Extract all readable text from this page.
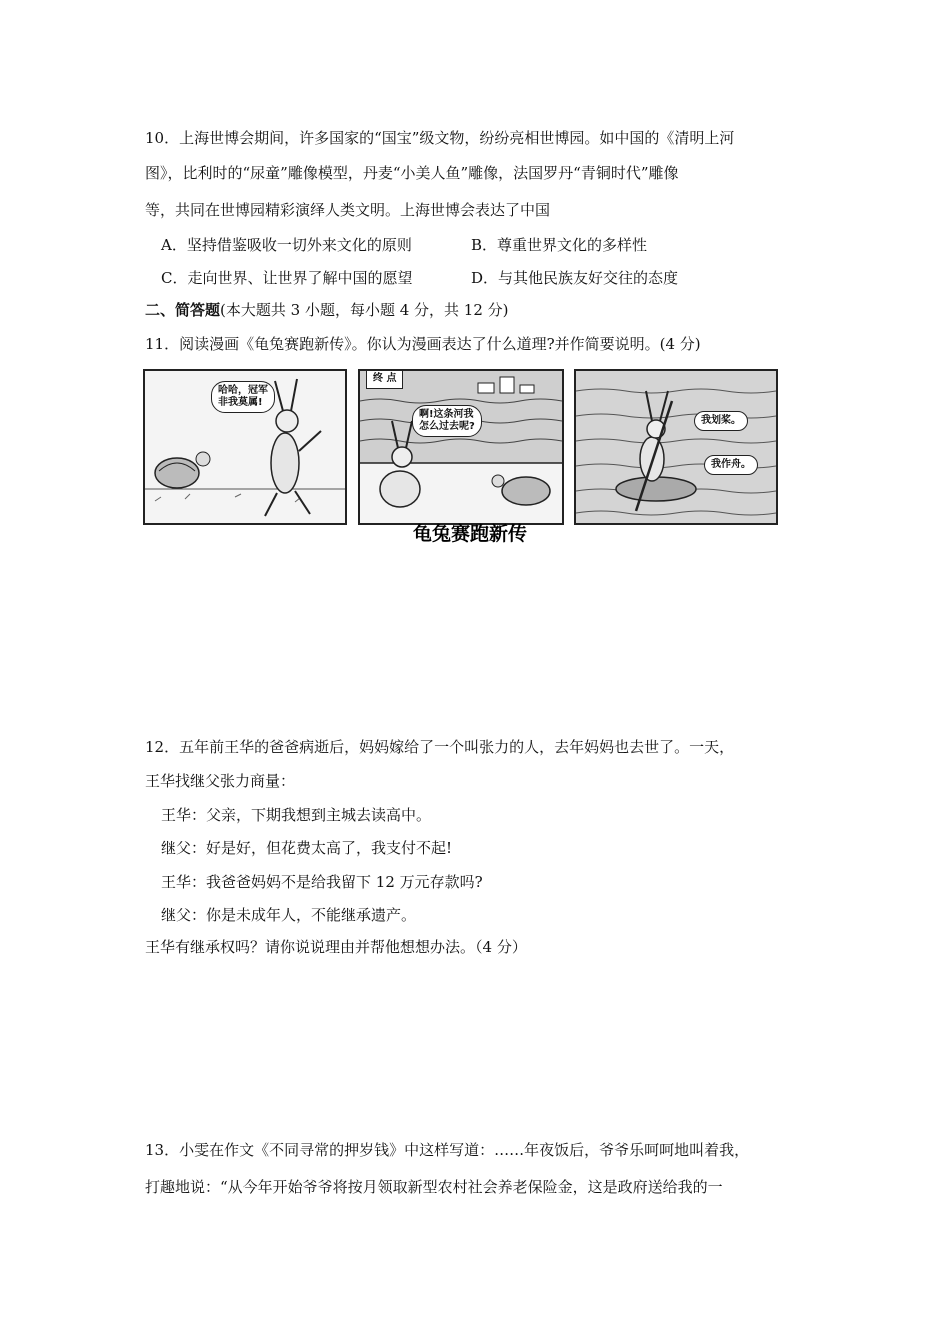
10．上海世博会期间，许多国家的“国宝”级文物，纷纷亮相世博园。如中国的《清明上河
图》，比利时的“尿童”雕像模型，丹麦“小美人鱼”雕像，法国罗丹“青铜时代”雕像
等，共同在世博园精彩演绎人类文明。上海世博会表达了中国
A．坚持借鉴吸收一切外来文化的原则	B．尊重世界文化的多样性
C．走向世界、让世界了解中国的愿望	D．与其他民族友好交往的态度
二、简答题(本大题共 3 小题，每小题 4 分，共 12 分)
11．阅读漫画《龟兔赛跑新传》。你认为漫画表达了什么道理?并作简要说明。(4 分)
哈哈，冠军
非我莫属!
终 点
啊!这条河我
怎么过去呢?
我划桨。
我作舟。
龟兔赛跑新传
12．五年前王华的爸爸病逝后，妈妈嫁给了一个叫张力的人，去年妈妈也去世了。一天，
王华找继父张力商量：
王华：父亲，下期我想到主城去读高中。
继父：好是好，但花费太高了，我支付不起!
王华：我爸爸妈妈不是给我留下 12 万元存款吗?
继父：你是未成年人，不能继承遗产。
王华有继承权吗？请你说说理由并帮他想想办法。（4 分）
13．小雯在作文《不同寻常的押岁钱》中这样写道：……年夜饭后，爷爷乐呵呵地叫着我，
打趣地说：“从今年开始爷爷将按月领取新型农村社会养老保险金，这是政府送给我的一
